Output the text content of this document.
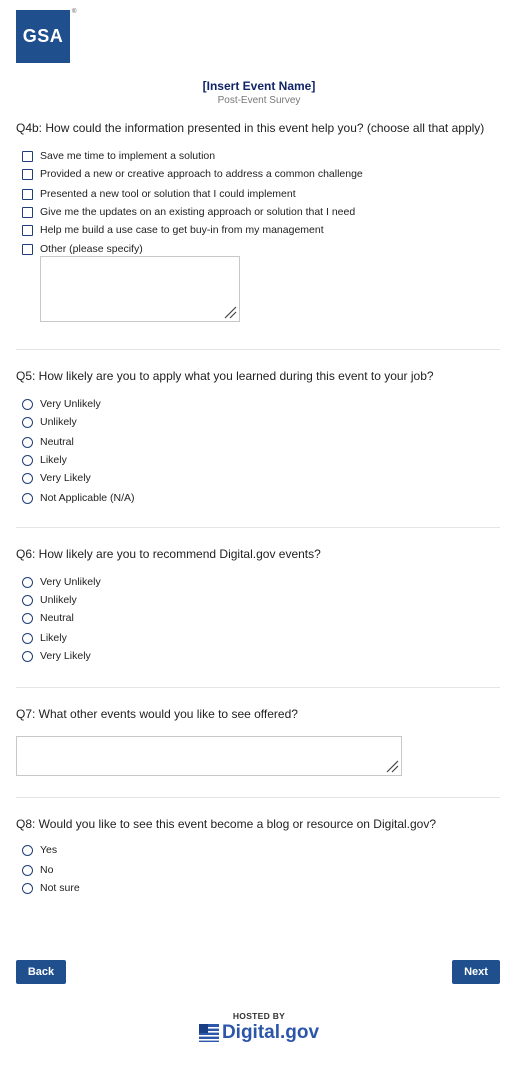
GSA
®
[Insert Event Name]
Post-Event Survey
Q4b: How could the information presented in this event help you? (choose all that apply)
Save me time to implement a solution
Provided a new or creative approach to address a common challenge
Presented a new tool or solution that I could implement
Give me the updates on an existing approach or solution that I need
Help me build a use case to get buy-in from my management
Other (please specify)
Q5: How likely are you to apply what you learned during this event to your job?
Very Unlikely
Unlikely
Neutral
Likely
Very Likely
Not Applicable (N/A)
Q6: How likely are you to recommend Digital.gov events?
Very Unlikely
Unlikely
Neutral
Likely
Very Likely
Q7: What other events would you like to see offered?
Q8: Would you like to see this event become a blog or resource on Digital.gov?
Yes
No
Not sure
Back	Next
HOSTED BY
Digital.gov
